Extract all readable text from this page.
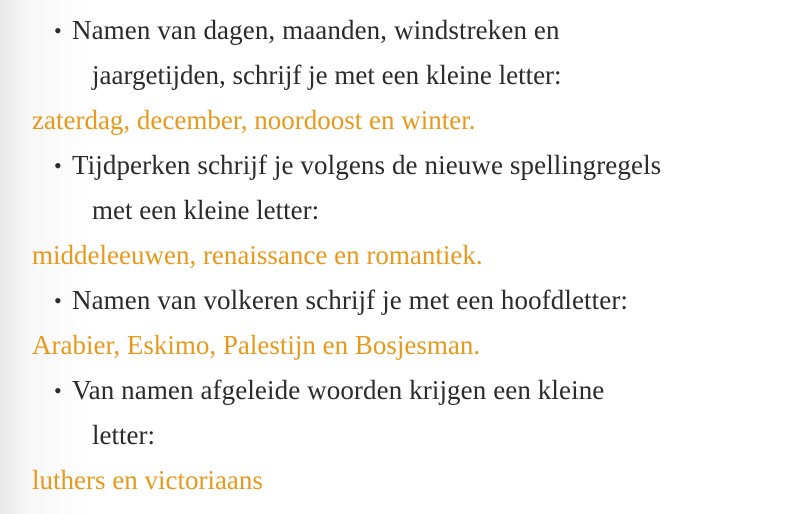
• Namen van dagen, maanden, windstreken en
jaargetijden, schrijf je met een kleine letter:
zaterdag, december, noordoost en winter.
• Tijdperken schrijf je volgens de nieuwe spellingregels
met een kleine letter:
middeleeuwen, renaissance en romantiek.
• Namen van volkeren schrijf je met een hoofdletter:
Arabier, Eskimo, Palestijn en Bosjesman.
• Van namen afgeleide woorden krijgen een kleine
letter:
luthers en victoriaans
